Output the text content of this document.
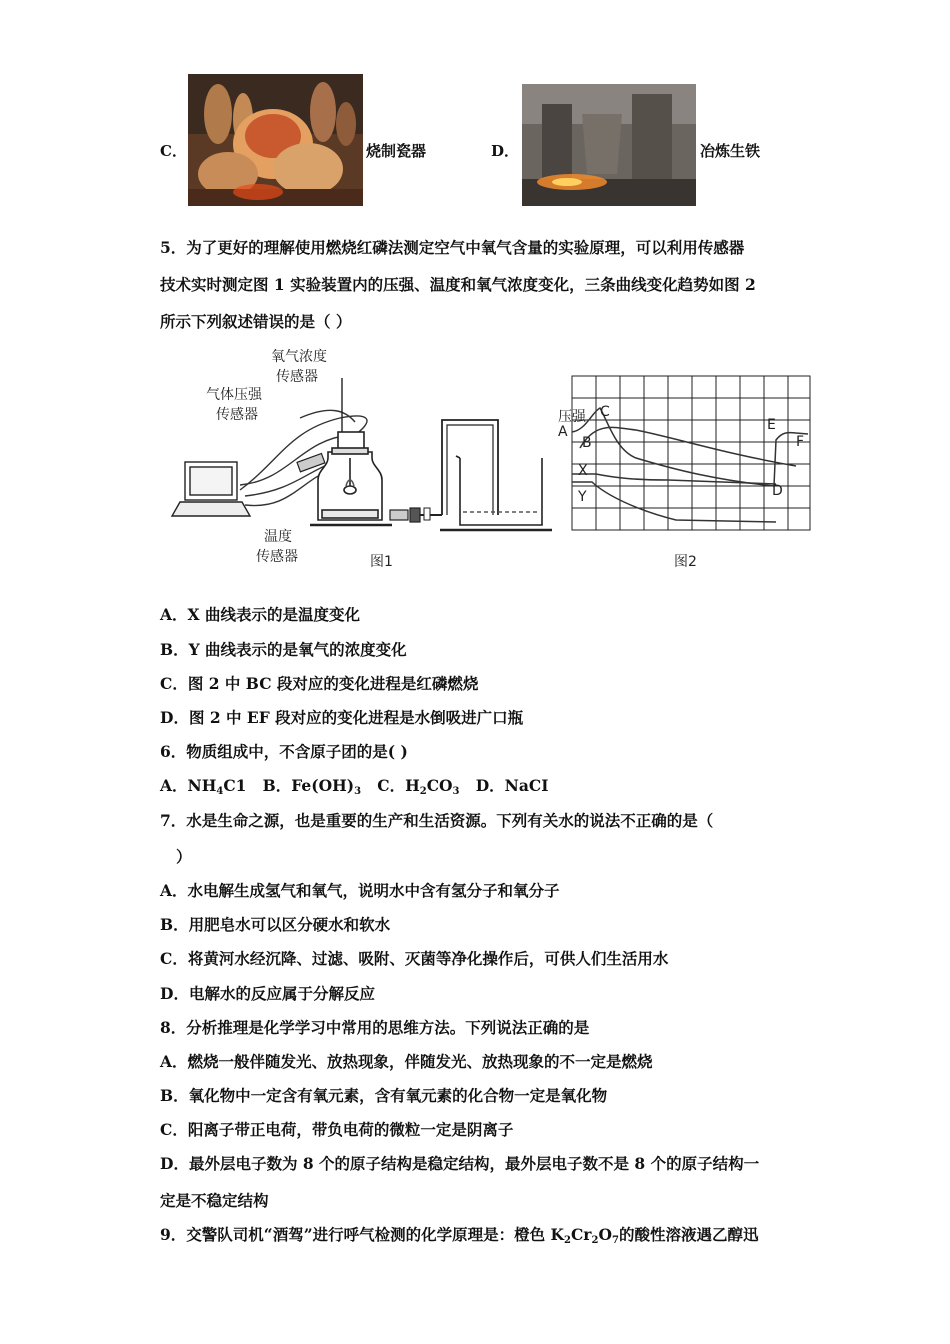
C．	烧制瓷器	D．	冶炼生铁
5．为了更好的理解使用燃烧红磷法测定空气中氧气含量的实验原理，可以利用传感器
技术实时测定图 1 实验装置内的压强、温度和氧气浓度变化，三条曲线变化趋势如图 2
所示下列叙述错误的是（ ）
氧气浓度
传感器
气体压强
传感器
温度
传感器	图1
压强
A
B
C
X
Y	D
E
F
图2
A．X 曲线表示的是温度变化
B．Y 曲线表示的是氧气的浓度变化
C．图 2 中 BC 段对应的变化进程是红磷燃烧
D．图 2 中 EF 段对应的变化进程是水倒吸进广口瓶
6．物质组成中，不含原子团的是( )
A．$NH_4C1$ B．$Fe(OH)_3$ C．$H_2CO_3$ D．NaCI
7．水是生命之源，也是重要的生产和生活资源。下列有关水的说法不正确的是（
）
A．水电解生成氢气和氧气，说明水中含有氢分子和氧分子
B．用肥皂水可以区分硬水和软水
C．将黄河水经沉降、过滤、吸附、灭菌等净化操作后，可供人们生活用水
D．电解水的反应属于分解反应
8．分析推理是化学学习中常用的思维方法。下列说法正确的是
A．燃烧一般伴随发光、放热现象，伴随发光、放热现象的不一定是燃烧
B．氧化物中一定含有氧元素，含有氧元素的化合物一定是氧化物
C．阳离子带正电荷，带负电荷的微粒一定是阴离子
D．最外层电子数为 8 个的原子结构是稳定结构，最外层电子数不是 8 个的原子结构一
定是不稳定结构
9．交警队司机“酒驾”进行呼气检测的化学原理是：橙色 $K_2Cr_2O_7$的酸性溶液遇乙醇迅
